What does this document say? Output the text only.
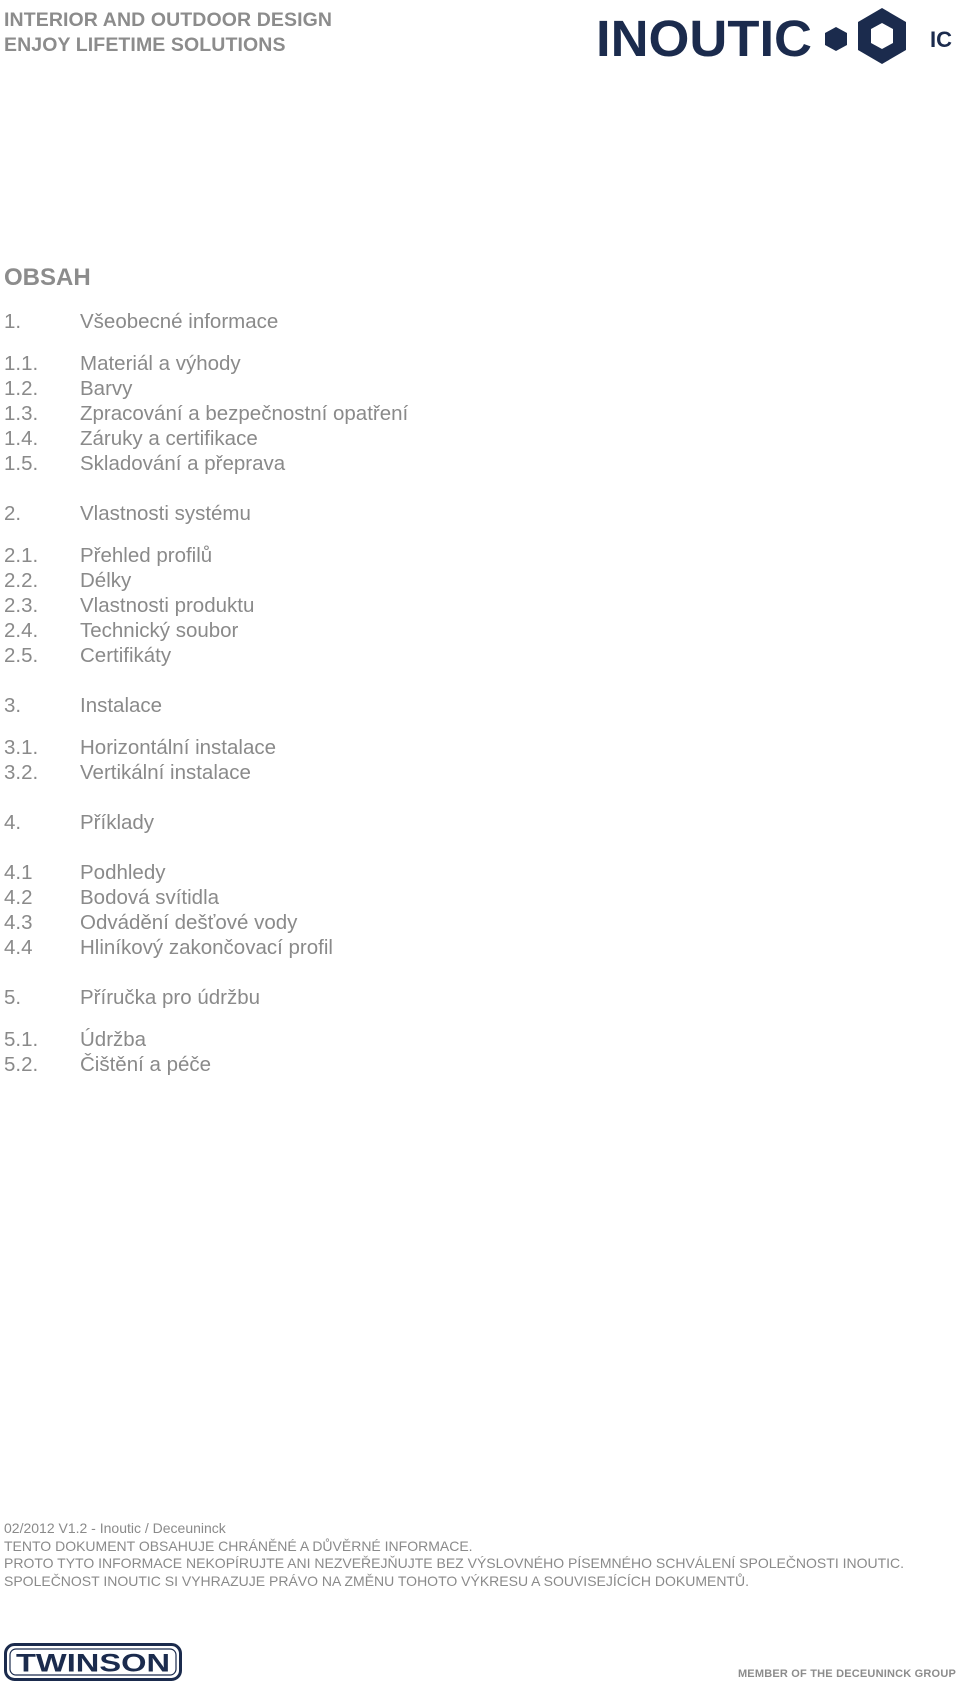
INTERIOR AND OUTDOOR DESIGN
ENJOY LIFETIME SOLUTIONS	INOUTIC	IC
OBSAH
1.	Všeobecné informace
1.1. Materiál a výhody
1.2. Barvy
1.3. Zpracování a bezpečnostní opatření
1.4. Záruky a certifikace
1.5. Skladování a přeprava
2.	Vlastnosti systému
2.1. Přehled profilů
2.2. Délky
2.3. Vlastnosti produktu
2.4. Technický soubor
2.5. Certifikáty
3.	Instalace
3.1. Horizontální instalace
3.2. Vertikální instalace
4.	Příklady
4.1 Podhledy
4.2 Bodová svítidla
4.3 Odvádění dešťové vody
4.4 Hliníkový zakončovací profil
5.	Příručka pro údržbu
5.1. Údržba
5.2. Čištění a péče
02/2012 V1.2 - Inoutic / Deceuninck
TENTO DOKUMENT OBSAHUJE CHRÁNĚNÉ A DŮVĚRNÉ INFORMACE.
PROTO TYTO INFORMACE NEKOPÍRUJTE ANI NEZVEŘEJŇUJTE BEZ VÝSLOVNÉHO PÍSEMNÉHO SCHVÁLENÍ SPOLEČNOSTI INOUTIC.
SPOLEČNOST INOUTIC SI VYHRAZUJE PRÁVO NA ZMĚNU TOHOTO VÝKRESU A SOUVISEJÍCÍCH DOKUMENTŮ.
TWINSON	MEMBER OF THE DECEUNINCK GROUP
